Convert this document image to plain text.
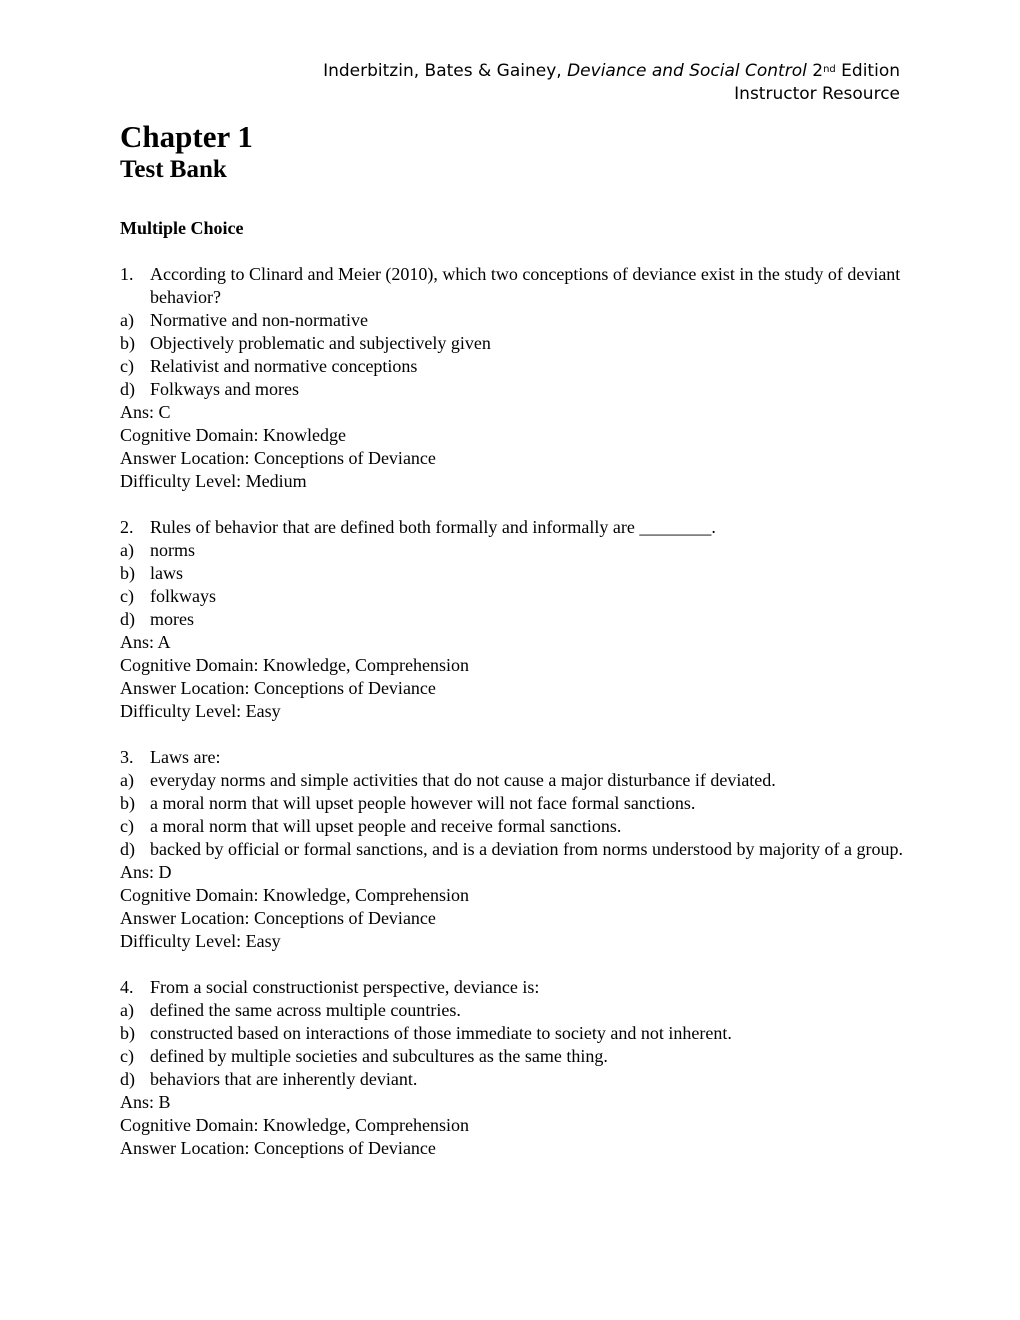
Inderbitzin, Bates & Gainey, Deviance and Social Control 2nd Edition
Instructor Resource
Chapter 1
Test Bank
Multiple Choice
1. According to Clinard and Meier (2010), which two conceptions of deviance exist in the study of deviant behavior?
a) Normative and non-normative
b) Objectively problematic and subjectively given
c) Relativist and normative conceptions
d) Folkways and mores
Ans: C
Cognitive Domain: Knowledge
Answer Location: Conceptions of Deviance
Difficulty Level: Medium
2. Rules of behavior that are defined both formally and informally are ________.
a) norms
b) laws
c) folkways
d) mores
Ans: A
Cognitive Domain: Knowledge, Comprehension
Answer Location: Conceptions of Deviance
Difficulty Level: Easy
3. Laws are:
a) everyday norms and simple activities that do not cause a major disturbance if deviated.
b) a moral norm that will upset people however will not face formal sanctions.
c) a moral norm that will upset people and receive formal sanctions.
d) backed by official or formal sanctions, and is a deviation from norms understood by majority of a group.
Ans: D
Cognitive Domain: Knowledge, Comprehension
Answer Location: Conceptions of Deviance
Difficulty Level: Easy
4. From a social constructionist perspective, deviance is:
a) defined the same across multiple countries.
b) constructed based on interactions of those immediate to society and not inherent.
c) defined by multiple societies and subcultures as the same thing.
d) behaviors that are inherently deviant.
Ans: B
Cognitive Domain: Knowledge, Comprehension
Answer Location: Conceptions of Deviance
